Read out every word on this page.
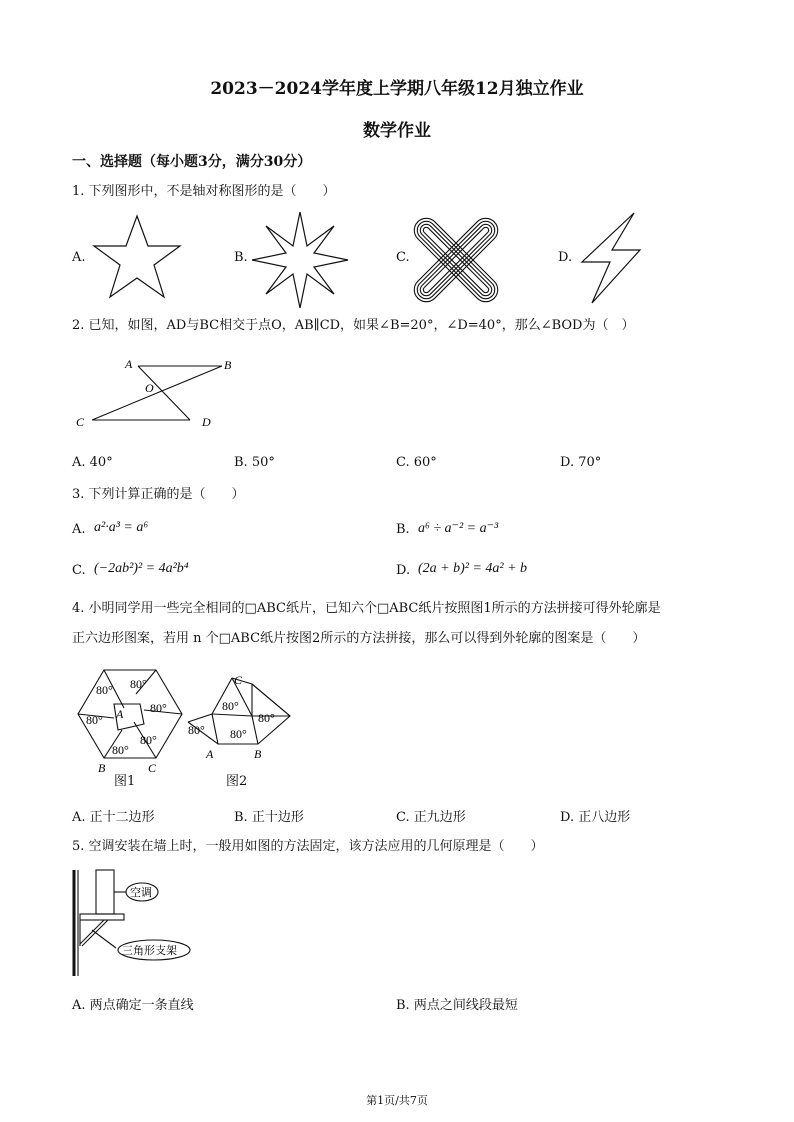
2023－2024学年度上学期八年级12月独立作业
数学作业
一、选择题（每小题3分，满分30分）
1. 下列图形中，不是轴对称图形的是（　　）
A.	B.	C.	D.
2. 已知，如图，AD与BC相交于点O，AB∥CD，如果∠B=20°，∠D=40°，那么∠BOD为（　）
A	B
O
C	D
A. 40°	B. 50°	C. 60°	D. 70°
3. 下列计算正确的是（　　）
A. a²·a³ = a⁶	B. a⁶ ÷ a⁻² = a⁻³
C. (−2ab²)² = 4a²b⁴	D. (2a + b)² = 4a² + b
4. 小明同学用一些完全相同的□ABC纸片，已知六个□ABC纸片按照图1所示的方法拼接可得外轮廓是
正六边形图案，若用 n 个□ABC纸片按图2所示的方法拼接，那么可以得到外轮廓的图案是（　　）
80° 80°
80°
80°
80°
80° A
B	C
图1
80° 80°
80°
80°
A	B
C
图2
A. 正十二边形	B. 正十边形	C. 正九边形	D. 正八边形
5. 空调安装在墙上时，一般用如图的方法固定，该方法应用的几何原理是（　　）
空调
三角形支架
A. 两点确定一条直线	B. 两点之间线段最短
第1页/共7页
